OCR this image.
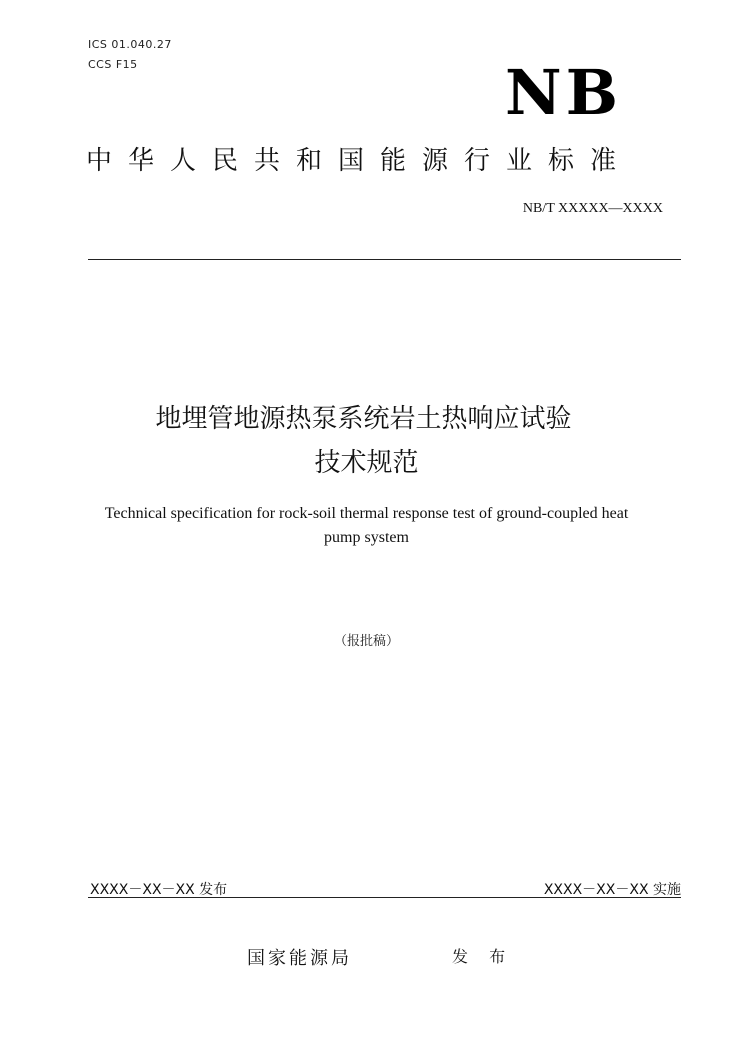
ICS 01.040.27
CCS F15	NB
中华人民共和国能源行业标准
NB/T XXXXX—XXXX
地埋管地源热泵系统岩土热响应试验
技术规范
Technical specification for rock-soil thermal response test of ground-coupled heat
pump system
（报批稿）
XXXX－XX－XX 发布	XXXX－XX－XX 实施
国家能源局	发 布
